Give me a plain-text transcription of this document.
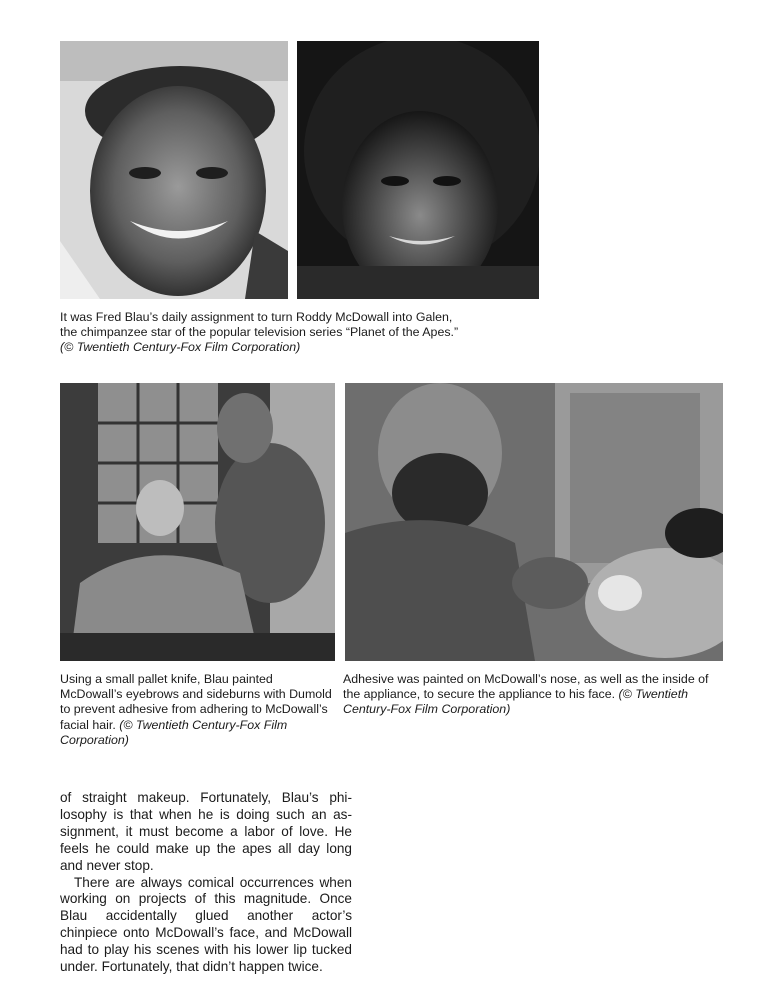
It was Fred Blau’s daily assignment to turn Roddy McDowall into Galen, the chimpanzee star of the popular television series “Planet of the Apes.” (© Twentieth Century-Fox Film Corporation)
Using a small pallet knife, Blau painted McDowall’s eyebrows and sideburns with Dumold to prevent adhesive from adhering to McDowall’s facial hair. (© Twentieth Century-Fox Film Corporation)
Adhesive was painted on McDowall’s nose, as well as the inside of the appliance, to secure the appliance to his face. (© Twentieth Century-Fox Film Corporation)

of straight makeup. Fortunately, Blau’s philosophy is that when he is doing such an assignment, it must become a labor of love. He feels he could make up the apes all day long and never stop.

There are always comical occurrences when working on projects of this magnitude. Once Blau accidentally glued another actor’s chinpiece onto McDowall’s face, and McDowall had to play his scenes with his lower lip tucked under. Fortunately, that didn’t happen twice.
